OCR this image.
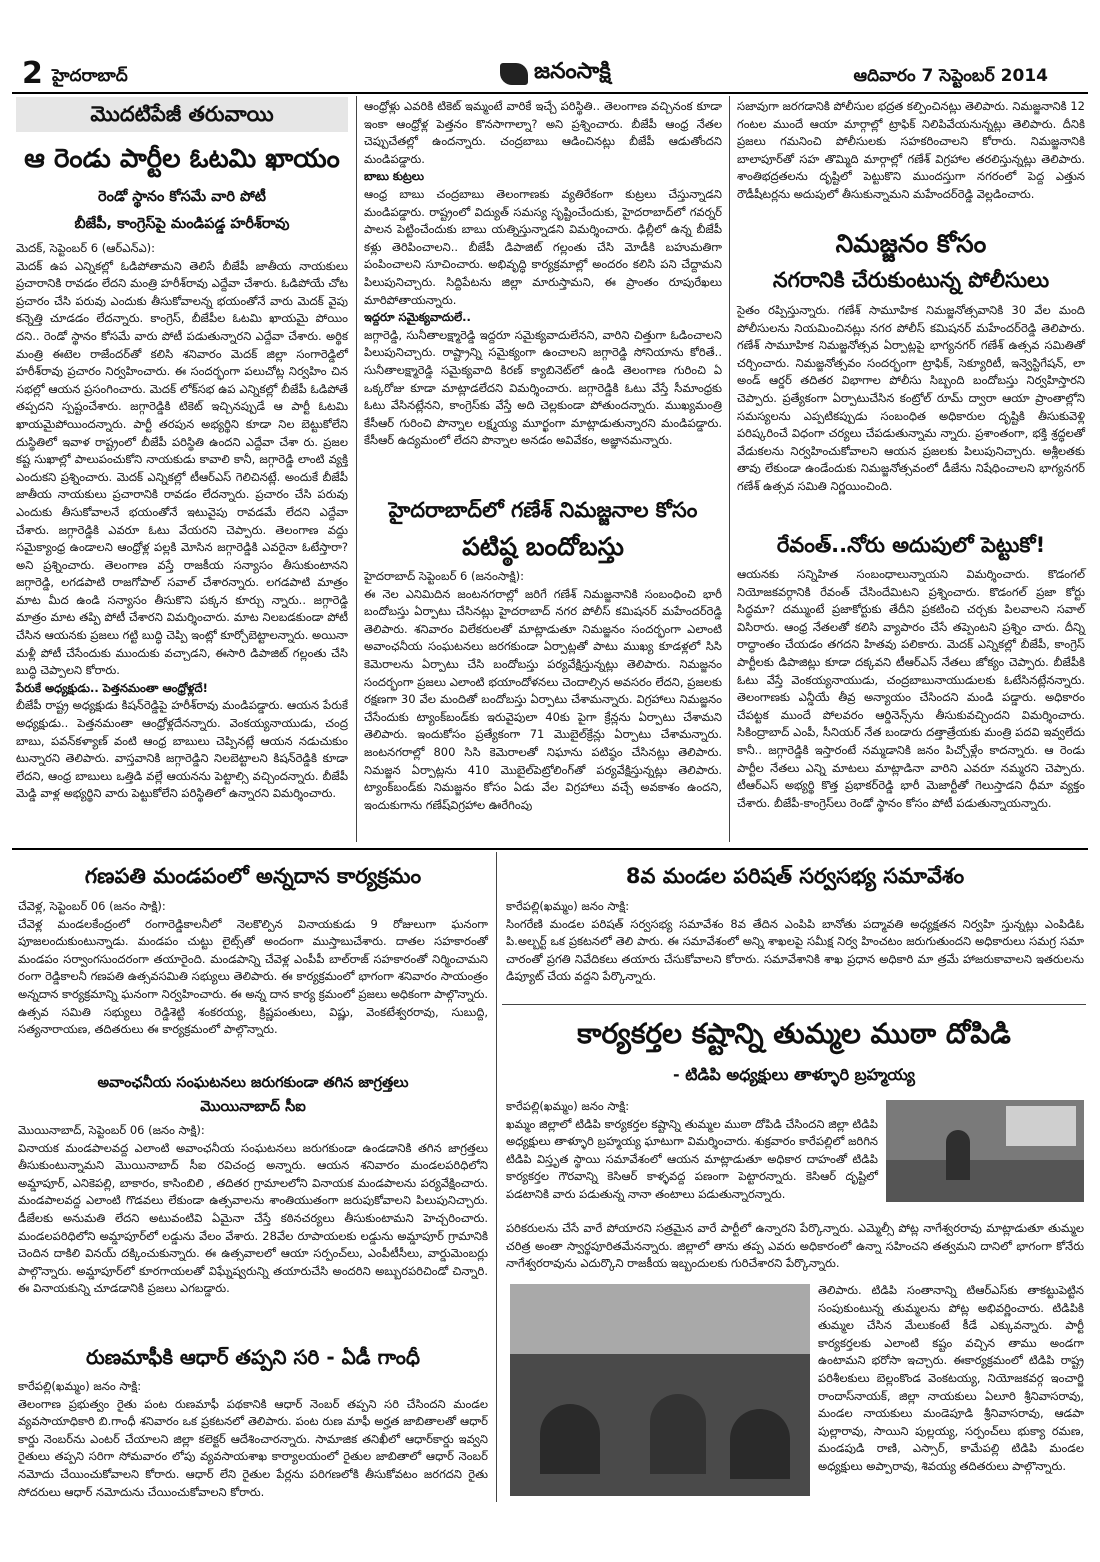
2 హైదరాబాద్	జనంసాక్షి	ఆదివారం 7 సెప్టెంబర్ 2014
మొదటిపేజీ తరువాయి
ఆ రెండు పార్టీల ఓటమి ఖాయం
రెండో స్థానం కోసమే వారి పోటీ
బీజేపీ, కాంగ్రెస్‌పై మండిపడ్డ హరీశ్‌రావు

మెదక్‌, సెప్టెంబర్‌ 6 (ఆర్‌ఎన్‌ఎ):

మెదక్‌ ఉప ఎన్నికల్లో ఓడిపోతామని తెలిసే బీజేపీ జాతీయ నాయకులు ప్రచారానికి రావడం లేదని మంత్రి హరీశ్‌రావు ఎద్దేవా చేశారు. ఓడిపోయే చోట ప్రచారం చేసి పరువు ఎందుకు తీసుకోవాలన్న భయంతోనే వారు మెదక్‌ వైపు కన్నెత్తి చూడడం లేదన్నారు. కాంగ్రెస్‌, బీజేపీల ఓటమి ఖాయమై పోయిం దని.. రెండో స్థానం కోసమే వారు పోటీ పడుతున్నారని ఎద్దేవా చేశారు. అర్థిక మంత్రి ఈటెల రాజేందర్‌తో కలిసి శనివారం మెదక్‌ జిల్లా సంగారెడ్డిలో హరీశ్‌రావు ప్రచారం నిర్వహించారు. ఈ సందర్భంగా పలుచోట్ల నిర్వహిం చిన సభల్లో ఆయన ప్రసంగించారు. మెదక్‌ లోక్‌సభ ఉప ఎన్నికల్లో బీజేపీ ఓడిపోతే తప్పదని స్పష్టంచేశారు. జగ్గారెడ్డికి టికెట్‌ ఇచ్చినప్పుడే ఆ పార్టీ ఓటమి ఖాయమైపోయిందన్నారు. పార్టీ తరపున అభ్యర్థిని కూడా నిల బెట్టుకోలేని దుస్థితిలో ఇవాళ రాష్ట్రంలో బీజేపీ పరిస్థితి ఉందని ఎద్దేవా చేశా రు. ప్రజల కష్ట సుఖాల్లో పాలుపంచుకోని నాయకుడు కావాలి కానీ, జగ్గారెడ్డి లాంటి వ్యక్తి ఎందుకని ప్రశ్నించారు. మెదక్‌ ఎన్నికల్లో టీఆర్‌ఎస్‌ గెలిచినట్లే. అందుకే బీజేపీ జాతీయ నాయకులు ప్రచారానికి రావడం లేదన్నారు. ప్రచారం చేసి పరువు ఎందుకు తీసుకోవాలనే భయంతోనే ఇటువైపు రావడమే లేదని ఎద్దేవా చేశారు. జగ్గారెడ్డికి ఎవరూ ఓటు వేయరని చెప్పారు. తెలంగాణ వద్దు సమైక్యాంధ్ర ఉండాలని ఆంధ్రోళ్ల పల్లకి మోసిన జగ్గారెడ్డికి ఎవరైనా ఓటేస్తారా? అని ప్రశ్నించారు. తెలంగాణ వస్తే రాజకీయ సన్యాసం తీసుకుంటానని జగ్గారెడ్డి, లగడపాటి రాజగోపాల్‌ సవాల్‌ చేశారన్నారు. లగడపాటి మాత్రం మాట మీద ఉండి సన్యాసం తీసుకొని పక్కన కూర్చు న్నారు.. జగ్గారెడ్డి మాత్రం మాట తప్పి పోటీ చేశారని విమర్శించారు. మాట నిలబడకుండా పోటీ చేసిన ఆయనకు ప్రజలు గట్టి బుద్ధి చెప్పి ఇంట్లో కూర్చోబెట్టాలన్నారు. అయినా మళ్లీ పోటీ చేసేందుకు ముందుకు వచ్చాడని, ఈసారి డిపాజిట్‌ గల్లంతు చేసి బుద్ధి చెప్పాలని కోరారు.

పేరుకే అధ్యక్షుడు.. పెత్తనమంతా ఆంధ్రోళ్లదే!

బీజేపీ రాష్ట్ర అధ్యక్షుడు కిషన్‌రెడ్డిపై హరీశ్‌రావు మండిపడ్డారు. ఆయన పేరుకే అధ్యక్షుడు.. పెత్తనమంతా ఆంధ్రోళ్లదేనన్నారు. వెంకయ్యనాయుడు, చంద్ర బాబు, పవన్‌కళ్యాణ్‌ వంటి ఆంధ్ర బాబులు చెప్పినట్లే ఆయన నడుచుకుం టున్నారని తెలిపారు. వాస్తవానికి జగ్గారెడ్డిని నిలబెట్టాలని కిషన్‌రెడ్డికి కూడా లేదని, ఆంధ్ర బాబులు ఒత్తిడి వల్లే ఆయనను పెట్టాల్సి వచ్చిందన్నారు. బీజేపీ మెడ్డి వాళ్ల అభ్యర్థిని వారు పెట్టుకోలేని పరిస్థితిలో ఉన్నారని విమర్శించారు.

ఆంధ్రోళ్లు ఎవరికి టికెట్‌ ఇమ్మంటే వారికే ఇచ్చే పరిస్థితి.. తెలంగాణ వచ్చినంక కూడా ఇంకా ఆంధ్రోళ్ల పెత్తనం కొనసాగాల్నా? అని ప్రశ్నించారు. బీజేపీ ఆంధ్ర నేతల చెప్పుచేతల్లో ఉందన్నారు. చంద్రబాబు ఆడించినట్లు బీజేపీ ఆడుతోందని మండిపడ్డారు.

బాబు కుట్రలు

ఆంధ్ర బాబు చంద్రబాబు తెలంగాణకు వ్యతిరేకంగా కుట్రలు చేస్తున్నాడని మండిపడ్డారు. రాష్ట్రంలో విద్యుత్‌ సమస్య సృష్టించేందుకు, హైదరాబాద్‌లో గవర్నర్‌ పాలన పెట్టించేందుకు బాబు యత్నిస్తున్నాడని విమర్శించారు. ఢిల్లీలో ఉన్న బీజేపీ కళ్లు తెరిపించాలని.. బీజేపీ డిపాజిట్‌ గల్లంతు చేసి మోడీకి బహుమతిగా పంపించాలని సూచించారు. అభివృద్ధి కార్యక్రమాల్లో అందరం కలిసి పని చేద్దామని పిలుపునిచ్చారు. సిద్దిపేటను జిల్లా మారుస్తామని, ఈ ప్రాంతం రూపురేఖలు మారిపోతాయన్నారు.

ఇద్దరూ సమైక్యవాదులే..

జగ్గారెడ్డి, సునీతాలక్ష్మారెడ్డి ఇద్దరూ సమైక్యవాదులేనని, వారిని చిత్తుగా ఓడించాలని పిలుపునిచ్చారు. రాష్ట్రాన్ని సమైక్యంగా ఉంచాలని జగ్గారెడ్డి సోనియాను కోరితే.. సునీతాలక్ష్మారెడ్డి సమైక్యవాది కిరణ్‌ క్యాబినెట్‌లో ఉండి తెలంగాణ గురించి ఏ ఒక్కరోజు కూడా మాట్లాడలేదని విమర్శించారు. జగ్గారెడ్డికి ఓటు వేస్తే సీమాంధ్రకు ఓటు వేసినట్లేనని, కాంగ్రెస్‌కు వేస్తే అది చెల్లకుండా పోతుందన్నారు. ముఖ్యమంత్రి కేసీఆర్‌ గురించి పొన్నాల లక్ష్మయ్య మూర్ఖంగా మాట్లాడుతున్నారని మండిపడ్డారు. కేసీఆర్‌ ఉద్యమంలో లేదని పొన్నాల అనడం అవివేకం, అజ్ఞానమన్నారు.

హైదరాబాద్‌లో గణేశ్‌ నిమజ్జనాల కోసం
పటిష్ఠ బందోబస్తు

హైదరాబాద్‌ సెప్టెంబర్‌ 6 (జనంసాక్షి):

ఈ నెల ఎనిమిదిన జంటనగరాల్లో జరిగే గణేశ్‌ నిమజ్జనానికి సంబంధించి భారీ బందోబస్తు ఏర్పాటు చేసినట్లు హైదరాబాద్‌ నగర పోలీస్‌ కమిషనర్‌ మహేందర్‌రెడ్డి తెలిపారు. శనివారం విలేకరులతో మాట్లాడుతూ నిమజ్జనం సందర్భంగా ఎలాంటి అవాంఛనీయ సంఘటనలు జరగకుండా ఏర్పాట్లతో పాటు ముఖ్య కూడళ్లలో సిసి కెమెరాలను ఏర్పాటు చేసి బందోబస్తు పర్యవేక్షిస్తున్నట్లు తెలిపారు. నిమజ్జనం సందర్భంగా ప్రజలు ఎలాంటి భయాందోళనలు చెందాల్సిన అవసరం లేదని, ప్రజలకు రక్షణగా 30 వేల మందితో బందోబస్తు ఏర్పాటు చేశామన్నారు. విగ్రహాలు నిమజ్జనం చేసేందుకు ట్యాంక్‌బండ్‌కు ఇరువైపులా 40కు పైగా క్రేన్లను ఏర్పాటు చేశామని తెలిపారు. ఇందుకోసం ప్రత్యేకంగా 71 మొబైల్‌క్రేన్లు ఏర్పాటు చేశామన్నారు. జంటనగరాల్లో 800 సిసి కెమెరాలతో నిఘాను పటిష్ఠం చేసినట్లు తెలిపారు. నిమజ్జన ఏర్పాట్లను 410 మొబైల్‌పెట్రోలింగ్‌తో పర్యవేక్షిస్తున్నట్లు తెలిపారు. ట్యాంక్‌బండ్‌కు నిమజ్జనం కోసం ఏడు వేల విగ్రహాలు వచ్చే అవకాశం ఉందని, ఇందుకుగాను గణేష్‌విగ్రహాల ఊరేగింపు

సజావుగా జరగడానికి పోలీసుల భద్రత కల్పించినట్లు తెలిపారు. నిమజ్జనానికి 12 గంటల ముందే ఆయా మార్గాల్లో ట్రాఫిక్‌ నిలిపివేయనున్నట్లు తెలిపారు. దీనికి ప్రజలు గమనించి పోలీసులకు సహకరించాలని కోరారు. నిమజ్జనానికి బాలాపూర్‌తో సహ తొమ్మిది మార్గాల్లో గణేశ్‌ విగ్రహాల తరలిస్తున్నట్లు తెలిపారు. శాంతిభద్రతలను దృష్టిలో పెట్టుకొని ముందస్తుగా నగరంలో పెద్ద ఎత్తున రౌడీషీటర్లను అదుపులో తీసుకున్నామని మహేందర్‌రెడ్డి వెల్లడించారు.

నిమజ్జనం కోసం
నగరానికి చేరుకుంటున్న పోలీసులు

సైతం రప్పిస్తున్నారు. గణేశ్‌ సామూహిక నిమజ్జనోత్సవానికి 30 వేల మంది పోలీసులను నియమించినట్లు నగర పోలీస్‌ కమిషనర్‌ మహేందర్‌రెడ్డి తెలిపారు. గణేశ్‌ సామూహిక నిమజ్జనోత్సవ ఏర్పాట్లపై భాగ్యనగర్‌ గణేశ్‌ ఉత్సవ సమితితో చర్చించారు. నిమజ్జనోత్సవం సందర్భంగా ట్రాఫిక్‌, సెక్యూరిటీ, ఇన్వెస్టిగేషన్‌, లా అండ్‌ ఆర్డర్‌ తదితర విభాగాల పోలీసు సిబ్బంది బందోబస్తు నిర్వహిస్తారని చెప్పారు. ప్రత్యేకంగా ఏర్పాటుచేసిన కంట్రోల్‌ రూమ్‌ ద్వారా ఆయా ప్రాంతాల్లోని సమస్యలను ఎప్పటికప్పుడు సంబంధిత అధికారుల దృష్టికి తీసుకువెళ్లి పరిష్కరించే విధంగా చర్యలు చేపడుతున్నామ న్నారు. ప్రశాంతంగా, భక్తి శ్రద్ధలతో వేడుకలను నిర్వహించుకోవాలని ఆయన ప్రజలకు పిలుపునిచ్చారు. అశ్లీలతకు తావు లేకుండా ఉండేందుకు నిమజ్జనోత్సవంలో డీజేను నిషేధించాలని భాగ్యనగర్‌ గణేశ్‌ ఉత్సవ సమితి నిర్ణయించింది.

రేవంత్‌..నోరు అదుపులో పెట్టుకో!

ఆయనకు సన్నిహిత సంబంధాలున్నాయని విమర్శించారు. కొడంగల్‌ నియోజకవర్గానికి రేవంత్‌ చేసిందేమిటని ప్రశ్నించారు. కొడంగల్‌ ప్రజా కోర్టు సిద్ధమా? దమ్ముంటే ప్రజాకోర్టుకు తేదీని ప్రకటించి చర్చకు పిలవాలని సవాల్‌ విసిరారు. ఆంధ్ర నేతలతో కలిసి వ్యాపారం చేసే తప్పెంటని ప్రశ్నిం చారు. దీన్ని రాద్ధాంతం చేయడం తగదని హితవు పలికారు. మెదక్‌ ఎన్నికల్లో బీజేపీ, కాంగ్రెస్‌ పార్టీలకు డిపాజిట్లు కూడా దక్కవని టీఆర్‌ఎస్‌ నేతలు జోక్యం చెప్పారు. బీజేపీకి ఓటు వేస్తే వెంకయ్యనాయుడు, చంద్రబాబునాయుడులకు ఓటేసినట్లేనన్నారు. తెలంగాణకు ఎన్డీయే తీవ్ర అన్యాయం చేసిందని మండి పడ్డారు. అధికారం చేపట్టక ముందే పోలవరం ఆర్డినెన్స్‌ను తీసుకువచ్చిందని విమర్శించారు. సికింద్రాబాద్‌ ఎంపీ, సీనియర్‌ నేత బండారు దత్తాత్రేయకు మంత్రి పదవి ఇవ్వలేదు కానీ.. జగ్గారెడ్డికి ఇస్తారంటే నమ్మడానికి జనం పిచ్చోళ్లేం కాదన్నారు. ఆ రెండు పార్టీల నేతలు ఎన్ని మాటలు మాట్లాడినా వారిని ఎవరూ నమ్మరని చెప్పారు. టీఆర్‌ఎస్‌ అభ్యర్థి కొత్త ప్రభాకర్‌రెడ్డి భారీ మెజార్టీతో గెలుస్తాడని ధీమా వ్యక్తం చేశారు. బీజేపీ-కాంగ్రెస్‌లు రెండో స్థానం కోసం పోటీ పడుతున్నాయన్నారు.

గణపతి మండపంలో అన్నదాన కార్యక్రమం

చేవెళ్ల, సెప్టెంబర్‌ 06 (జనం సాక్షి):

చేవెళ్ల మండలకేంద్రంలో రంగారెడ్డికాలనీలో నెలకొల్పిన వినాయకుడు 9 రోజులుగా ఘనంగా పూజలందుకుంటున్నాడు. మండపం చుట్టు లైట్స్‌తో అందంగా ముస్తాబుచేశారు. దాతల సహకారంతో మండపం సర్వాంగసుందరంగా తయారైంది. మండపాన్ని చేవెళ్ల ఎంపీపీ బాల్‌రాజ్‌ సహకారంతో నిర్మించామని రంగా రెడ్డికాలనీ గణపతి ఉత్సవసమితి సభ్యులు తెలిపారు. ఈ కార్యక్రమంలో భాగంగా శనివారం సాయంత్రం అన్నదాన కార్యక్రమాన్ని ఘనంగా నిర్వహించారు. ఈ అన్న దాన కార్య క్రమంలో ప్రజలు అధికంగా పాల్గొన్నారు. ఉత్సవ సమితి సభ్యులు రెడ్డిశెట్టి శంకరయ్య, క్రిష్ణపంతులు, విష్ణు, వెంకటేశ్వరరావు, సుబుద్ది, సత్యనారాయణ, తదితరులు ఈ కార్యక్రమంలో పాల్గొన్నారు.

అవాంఛనీయ సంఘటనలు జరుగకుండా తగిన జాగ్రత్తలు
మొయినాబాద్‌ సీఐ

మొయినాబాద్‌, సెప్టెంబర్‌ 06 (జనం సాక్షి):

వినాయక మండపాలవద్ద ఎలాంటి అవాంఛనీయ సంఘటనలు జరుగకుండా ఉండడానికి తగిన జాగ్రత్తలు తీసుకుంటున్నామని మొయినాబాద్‌ సీఐ రవిచంద్ర అన్నారు. ఆయన శనివారం మండలపరిధిలోని అమ్డాపూర్‌, ఎనికెపల్లి, బాకారం, కాసింబిలి , తదితర గ్రామాలలోని వినాయక మండపాలను పర్యవేక్షించారు. మండపాలవద్ద ఎలాంటి గొడవలు లేకుండా ఉత్సవాలను శాంతియుతంగా జరుపుకోవాలని పిలుపునిచ్చారు. డీజేలకు అనుమతి లేదని అటువంటివి ఏమైనా చేస్తే కఠినచర్యలు తీసుకుంటామని హెచ్చరించారు. మండలపరిధిలోని అమ్డాపూర్‌లో లడ్డును వేలం వేశారు. 28వేల రూపాయలకు లడ్డును అమ్డాపూర్‌ గ్రామానికి చెందిన దాకిలి వినయ్‌ దక్కించుకున్నారు. ఈ ఉత్సవాలలో ఆయా సర్పంచ్‌లు, ఎంపీటీసీలు, వార్డుమెంబర్లు పాల్గొన్నారు. అమ్డాపూర్‌లో కూరగాయలతో విఘ్నేష్వరున్ని తయారుచేసి అందరిని అబ్బురపరిచిండో చిన్నారి. ఈ వినాయకున్ని చూడడానికి ప్రజలు ఎగబడ్డారు.

రుణమాఫీకి ఆధార్‌ తప్పని సరి - ఏడీ గాంధీ

కారేపల్లి(ఖమ్మం) జనం సాక్షి:

తెలంగాణ ప్రభుత్వం రైతు పంట రుణమాఫీ పథకానికి ఆధార్‌ నెంబర్‌ తప్పని సరి చేసిందని మండల వ్యవసాయాధికారి బి.గాంధీ శనివారం ఒక ప్రకటనలో తెలిపారు. పంట రుణ మాఫీ అర్హత జాబితాలతో ఆధార్‌ కార్డు నెంబర్‌ను ఎంటర్‌ చేయాలని జిల్లా కలెక్టర్‌ ఆదేశించారన్నారు. సామాజిక తనిఖీలో ఆధార్‌కార్డు ఇవ్వని రైతులు తప్పని సరిగా సోమవారం లోపు వ్యవసాయశాఖ కార్యాలయంలో రైతుల జాబితాలో ఆధార్‌ నెంబర్‌ నమోదు చేయించుకోవాలని కోరారు. ఆధార్‌ లేని రైతుల పేర్లను పరిగణలోకి తీసుకోవటం జరగదని రైతు సోదరులు ఆధార్‌ నమోదును చేయించుకోవాలని కోరారు.

8వ మండల పరిషత్‌ సర్వసభ్య సమావేశం

కారేపల్లి(ఖమ్మం) జనం సాక్షి:

సింగరేణి మండల పరిషత్‌ సర్వసభ్య సమావేశం 8వ తేదిన ఎంపిపి బానోతు పద్మావతి అధ్యక్షతన నిర్వహి స్తున్నట్లు ఎంపిడిఓ పి.అల్బర్ట్‌ ఒక ప్రకటనలో తెలి పారు. ఈ సమావేశంలో అన్ని శాఖలపై సమీక్ష నిర్వ హించటం జరుగుతుందని అధికారులు సమగ్ర సమా చారంతో ప్రగతి నివేదికలు తయారు చేసుకోవాలని కోరారు. సమావేశానికి శాఖ ప్రధాన అధికారి మా త్రమే హాజరుకావాలని ఇతరులను డిప్యూట్‌ చేయ వద్దని పేర్కొన్నారు.

కార్యకర్తల కష్టాన్ని తుమ్మల ముఠా దోపిడి
- టిడిపి అధ్యక్షులు తాళ్ళూరి బ్రహ్మయ్య

కారేపల్లి(ఖమ్మం) జనం సాక్షి:

ఖమ్మం జిల్లాలో టిడిపి కార్యకర్తల కష్టాన్ని తుమ్మల ముఠా దోపిడి చేసిందని జిల్లా టిడిపి అధ్యక్షులు తాళ్ళూరి బ్రహ్మయ్య ఘాటుగా విమర్శించారు. శుక్రవారం కారేపల్లిలో జరిగిన టిడిపి విస్తృత స్థాయి సమావేశంలో ఆయన మాట్లాడుతూ అధికార దాహంతో టిడిపి కార్యకర్తల గౌరవాన్ని కెసిఆర్‌ కాళ్ళవద్ద పణంగా పెట్టారన్నారు. కెసిఆర్‌ దృష్టిలో పడటానికి వారు పడుతున్న నానా తంటాలు పడుతున్నారన్నారు.

పరికరులను చేసే వారే పోయారని సత్రమైన వారే పార్టీలో ఉన్నారని పేర్కొన్నారు. ఎమ్మెల్సీ పోట్ల నాగేశ్వరరావు మాట్లాడుతూ తుమ్మల చరిత్ర అంతా స్వార్థపూరితమేనన్నారు. జిల్లాలో తాను తప్ప ఎవరు అధికారంలో ఉన్నా సహించని తత్వమని దానిలో భాగంగా కోనేరు నాగేశ్వరరావును ఎదుర్కొని రాజకీయ ఇబ్బందులకు గురిచేశారని పేర్కొన్నారు.

తెలిపారు. టిడిపి సంతానాన్ని టిఆర్‌ఎస్‌కు తాకట్టుపెట్టిన సంపుకుంటున్న తుమ్మలను పోట్ల అభివర్ణించారు. టిడిపికి తుమ్మల చేసిన మేలుకంటే కీడే ఎక్కువన్నారు. పార్టీ కార్యకర్తలకు ఎలాంటి కష్టం వచ్చిన తాము అండగా ఉంటామని భరోసా ఇచ్చారు. ఈకార్యక్రమంలో టిడిపి రాష్ట్ర పరిశీలకులు బెల్లంకొండ వెంకటయ్య, నియోజకవర్గ ఇంచార్జి రాందాస్‌నాయక్‌, జిల్లా నాయకులు ఏలూరి శ్రీనివాసరావు, మండల నాయకులు మండెపూడి శ్రీనివాసరావు, ఆడపా పుల్లారావు, సాయిని పుల్లయ్య, సర్పంచ్‌లు భుక్యా రమణ, మండపుడి రాణి, ఎస్సార్‌, కామేపల్లి టిడిపి మండల అధ్యక్షులు అప్పారావు, శివయ్య తదితరులు పాల్గొన్నారు.
